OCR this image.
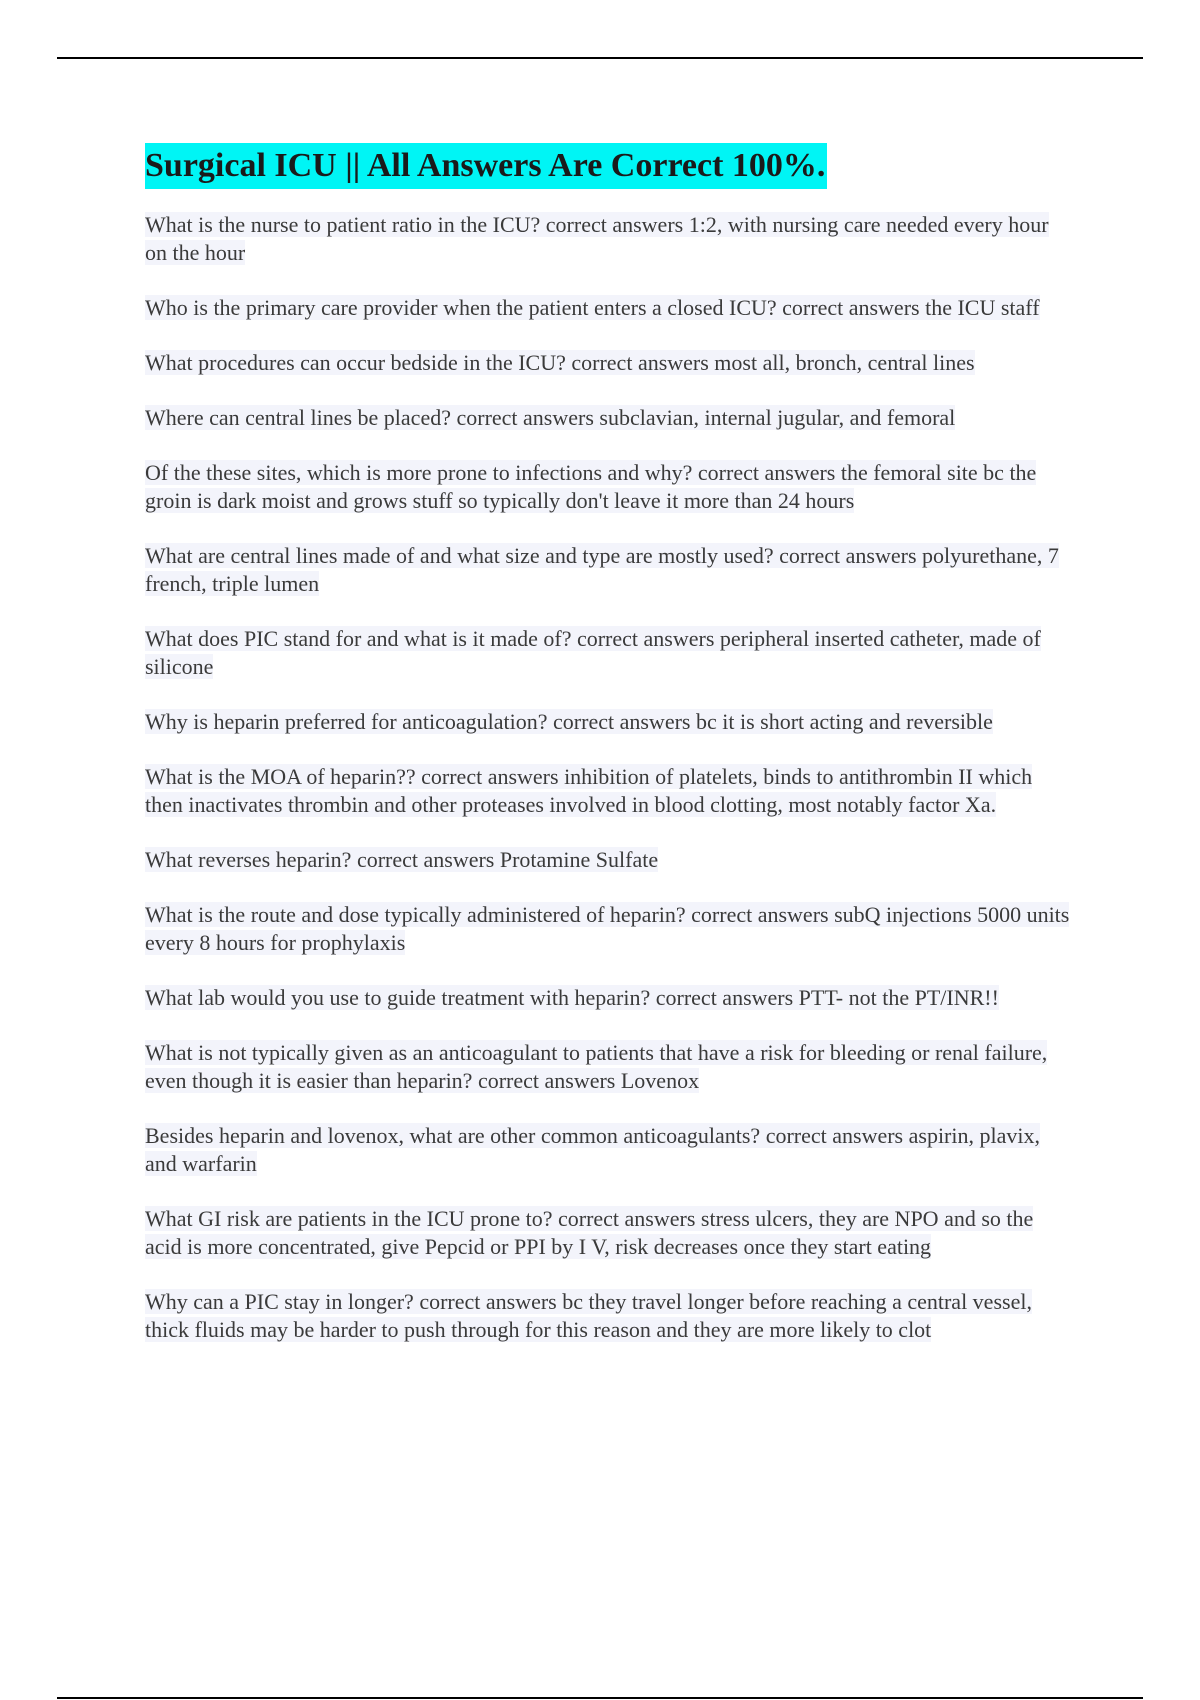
Surgical ICU || All Answers Are Correct 100%.
What is the nurse to patient ratio in the ICU? correct answers 1:2, with nursing care needed every hour on the hour
Who is the primary care provider when the patient enters a closed ICU? correct answers the ICU staff
What procedures can occur bedside in the ICU? correct answers most all, bronch, central lines
Where can central lines be placed? correct answers subclavian, internal jugular, and femoral
Of the these sites, which is more prone to infections and why? correct answers the femoral site bc the groin is dark moist and grows stuff so typically don't leave it more than 24 hours
What are central lines made of and what size and type are mostly used? correct answers polyurethane, 7 french, triple lumen
What does PIC stand for and what is it made of? correct answers peripheral inserted catheter, made of silicone
Why is heparin preferred for anticoagulation? correct answers bc it is short acting and reversible
What is the MOA of heparin?? correct answers inhibition of platelets, binds to antithrombin II which then inactivates thrombin and other proteases involved in blood clotting, most notably factor Xa.
What reverses heparin? correct answers Protamine Sulfate
What is the route and dose typically administered of heparin? correct answers subQ injections 5000 units every 8 hours for prophylaxis
What lab would you use to guide treatment with heparin? correct answers PTT- not the PT/INR!!
What is not typically given as an anticoagulant to patients that have a risk for bleeding or renal failure, even though it is easier than heparin? correct answers Lovenox
Besides heparin and lovenox, what are other common anticoagulants? correct answers aspirin, plavix, and warfarin
What GI risk are patients in the ICU prone to? correct answers stress ulcers, they are NPO and so the acid is more concentrated, give Pepcid or PPI by I V, risk decreases once they start eating
Why can a PIC stay in longer? correct answers bc they travel longer before reaching a central vessel, thick fluids may be harder to push through for this reason and they are more likely to clot
